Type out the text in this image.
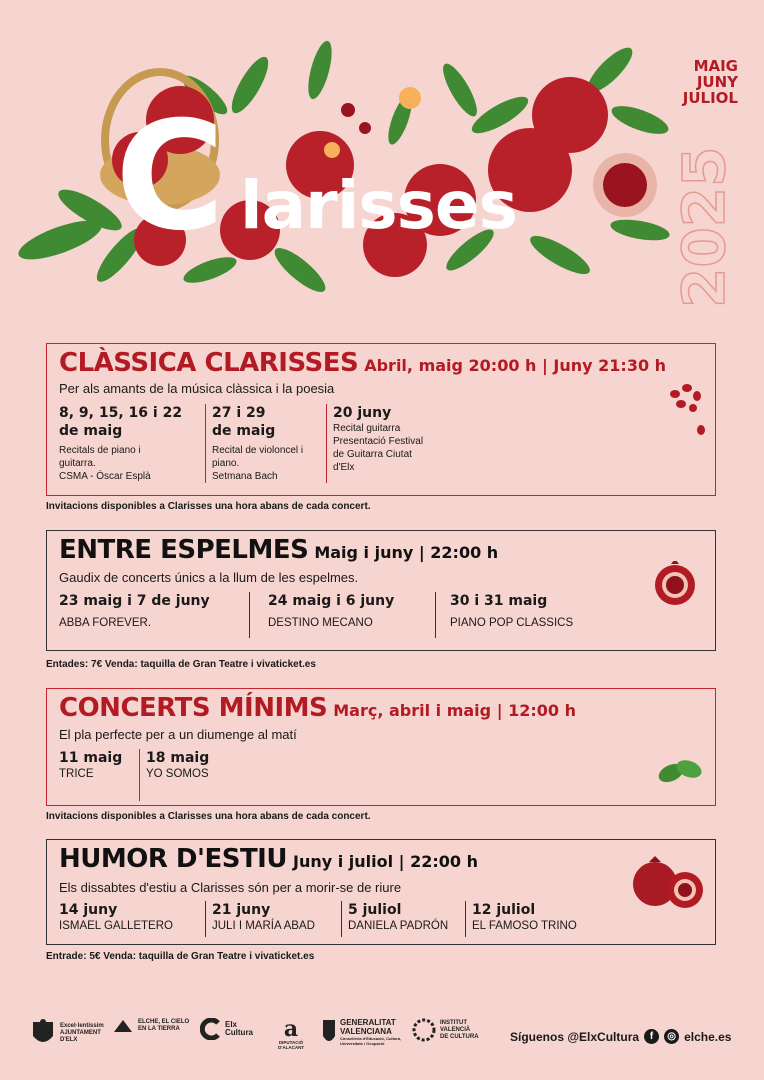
C larisses
MAIG
JUNY
JULIOL
2025
CLÀSSICA CLARISSES Abril, maig 20:00 h | Juny 21:30 h
Per als amants de la música clàssica i la poesia
8, 9, 15, 16 i 22
de maig
Recitals de piano i
guitarra.
CSMA - Óscar Esplà
27 i 29
de maig
Recital de violoncel i
piano.
Setmana Bach
20 juny
Recital guitarra
Presentació Festival
de Guitarra Ciutat
d'Elx
Invitacions disponibles a Clarisses una hora abans de cada concert.
ENTRE ESPELMES Maig i juny | 22:00 h
Gaudix de concerts únics a la llum de les espelmes.
23 maig i 7 de juny
ABBA FOREVER.
24 maig i 6 juny
DESTINO MECANO
30 i 31 maig
PIANO POP CLASSICS
Entades: 7€ Venda: taquilla de Gran Teatre i vivaticket.es
CONCERTS MÍNIMS Març, abril i maig | 12:00 h
El pla perfecte per a un diumenge al matí
11 maig
TRICE
18 maig
YO SOMOS
Invitacions disponibles a Clarisses una hora abans de cada concert.
HUMOR D'ESTIU Juny i juliol | 22:00 h
Els dissabtes d'estiu a Clarisses són per a morir-se de riure
14 juny
ISMAEL GALLETERO
21 juny
JULI I MARÍA ABAD
5 juliol
DANIELA PADRÓN
12 juliol
EL FAMOSO TRINO
Entrade: 5€ Venda: taquilla de Gran Teatre i vivaticket.es
Excel·lentíssim
AJUNTAMENT
D'ELX
ELCHE, EL CIELO
EN LA TIERRA	Elx
Cultura a
DIPUTACIÓ
D'ALACANT
GENERALITAT
VALENCIANA
Conselleria d'Educació, Cultura,
Universitats i Ocupació
INSTITUT
VALENCIÀ
DE CULTURA	Síguenos @ElxCultura	f	◎ elche.es
